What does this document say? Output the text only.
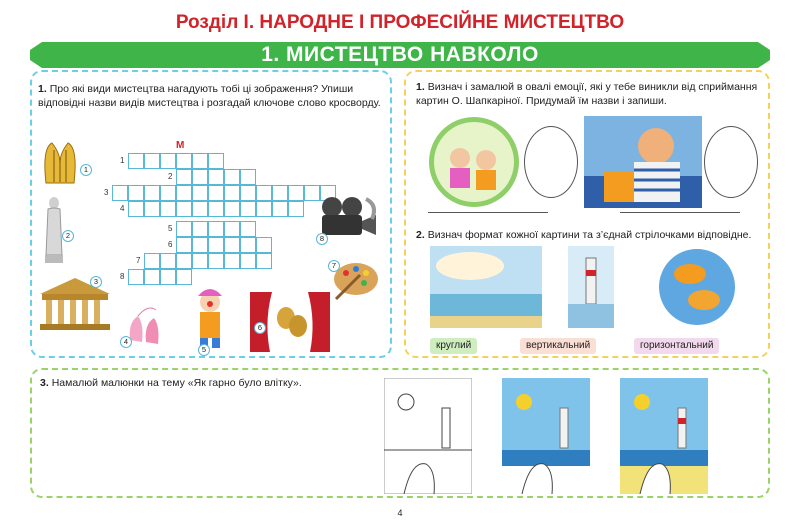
Розділ І. НАРОДНЕ І ПРОФЕСІЙНЕ МИСТЕЦТВО
1. МИСТЕЦТВО НАВКОЛО
1. Про які види мистецтва нагадують тобі ці зображення? Упиши відповідні назви видів мистецтва і розгадай ключове слово кросворду.
1
2
3
4
5
6
7
8
М
1
2
3
4
5
6
7
8
1. Визнач і замалюй в овалі емоції, які у тебе виникли від сприймання картин О. Шапкаріної. Придумай їм назви і запиши.
2. Визнач формат кожної картини та з’єднай стрілочками відповідне.
круглий	вертикальний	горизонтальний
3. Намалюй малюнки на тему «Як гарно було влітку».
4
